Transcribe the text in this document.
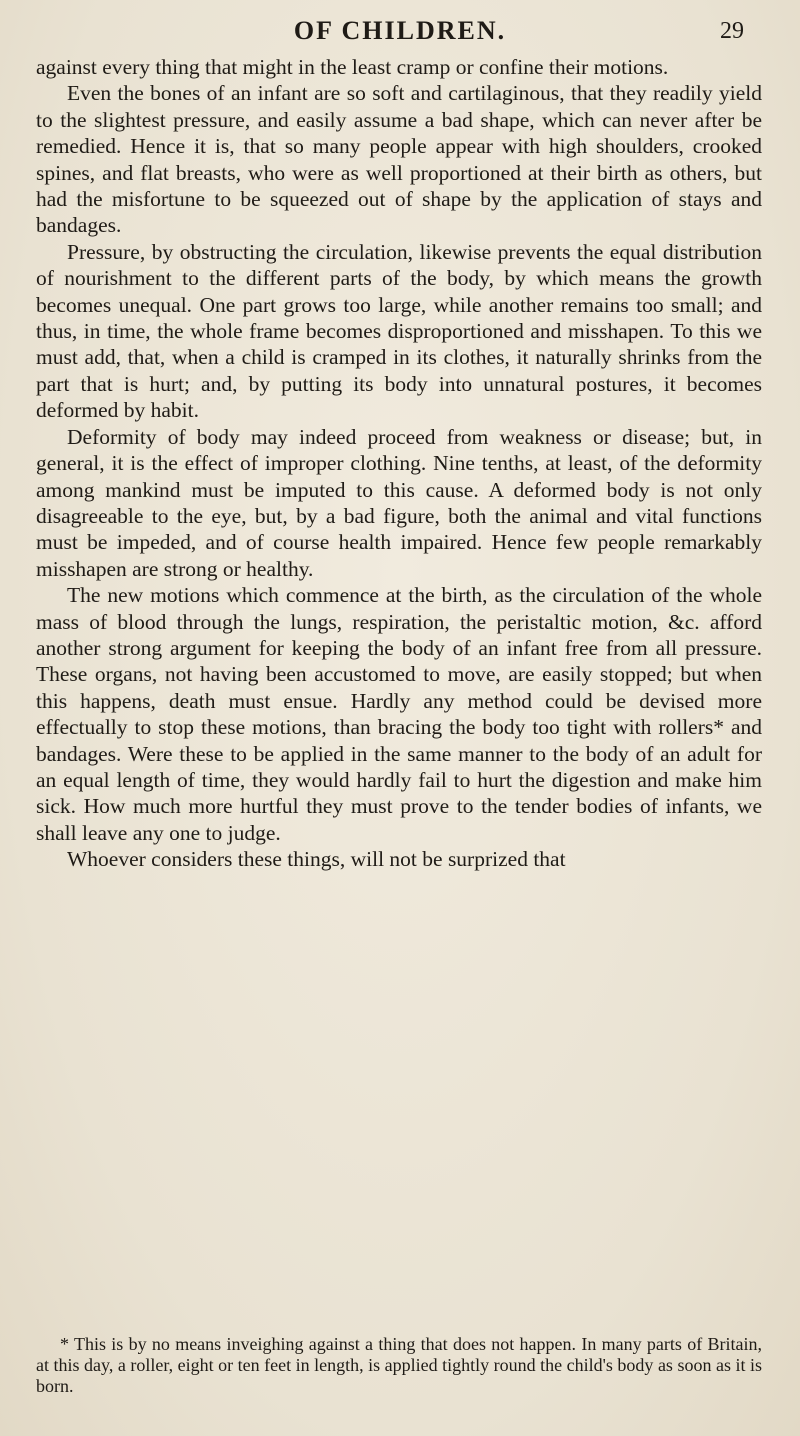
OF CHILDREN.	29

against every thing that might in the least cramp or confine their motions.

Even the bones of an infant are so soft and cartilaginous, that they readily yield to the slightest pressure, and easily assume a bad shape, which can never after be remedied. Hence it is, that so many people appear with high shoulders, crooked spines, and flat breasts, who were as well proportioned at their birth as others, but had the misfortune to be squeezed out of shape by the application of stays and bandages.

Pressure, by obstructing the circulation, likewise prevents the equal distribution of nourishment to the different parts of the body, by which means the growth becomes unequal. One part grows too large, while another remains too small; and thus, in time, the whole frame becomes disproportioned and misshapen. To this we must add, that, when a child is cramped in its clothes, it naturally shrinks from the part that is hurt; and, by putting its body into unnatural postures, it becomes deformed by habit.

Deformity of body may indeed proceed from weakness or disease; but, in general, it is the effect of improper clothing. Nine tenths, at least, of the deformity among mankind must be imputed to this cause. A deformed body is not only disagreeable to the eye, but, by a bad figure, both the animal and vital functions must be impeded, and of course health impaired. Hence few people remarkably misshapen are strong or healthy.

The new motions which commence at the birth, as the circulation of the whole mass of blood through the lungs, respiration, the peristaltic motion, &c. afford another strong argument for keeping the body of an infant free from all pressure. These organs, not having been accustomed to move, are easily stopped; but when this happens, death must ensue. Hardly any method could be devised more effectually to stop these motions, than bracing the body too tight with rollers* and bandages. Were these to be applied in the same manner to the body of an adult for an equal length of time, they would hardly fail to hurt the digestion and make him sick. How much more hurtful they must prove to the tender bodies of infants, we shall leave any one to judge.

Whoever considers these things, will not be surprized that

* This is by no means inveighing against a thing that does not happen. In many parts of Britain, at this day, a roller, eight or ten feet in length, is applied tightly round the child's body as soon as it is born.
